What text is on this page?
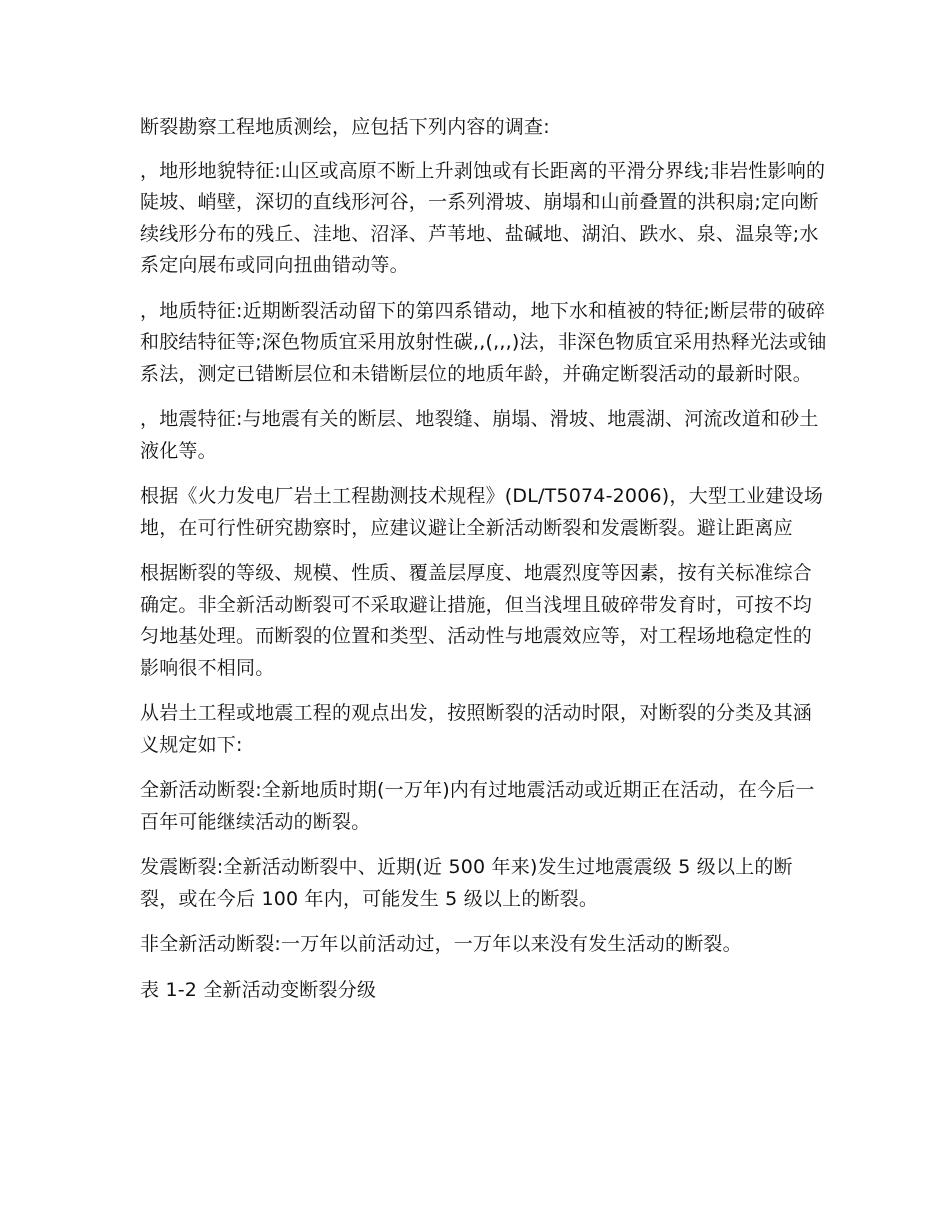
断裂勘察工程地质测绘，应包括下列内容的调查:

，地形地貌特征:山区或高原不断上升剥蚀或有长距离的平滑分界线;非岩性影响的陡坡、峭壁，深切的直线形河谷，一系列滑坡、崩塌和山前叠置的洪积扇;定向断续线形分布的残丘、洼地、沼泽、芦苇地、盐碱地、湖泊、跌水、泉、温泉等;水系定向展布或同向扭曲错动等。

，地质特征:近期断裂活动留下的第四系错动，地下水和植被的特征;断层带的破碎和胶结特征等;深色物质宜采用放射性碳,,(,,,)法，非深色物质宜采用热释光法或铀系法，测定已错断层位和未错断层位的地质年龄，并确定断裂活动的最新时限。

，地震特征:与地震有关的断层、地裂缝、崩塌、滑坡、地震湖、河流改道和砂土液化等。

根据《火力发电厂岩土工程勘测技术规程》(DL/T5074-2006)，大型工业建设场地，在可行性研究勘察时，应建议避让全新活动断裂和发震断裂。避让距离应

根据断裂的等级、规模、性质、覆盖层厚度、地震烈度等因素，按有关标准综合确定。非全新活动断裂可不采取避让措施，但当浅埋且破碎带发育时，可按不均匀地基处理。而断裂的位置和类型、活动性与地震效应等，对工程场地稳定性的影响很不相同。

从岩土工程或地震工程的观点出发，按照断裂的活动时限，对断裂的分类及其涵义规定如下:

全新活动断裂:全新地质时期(一万年)内有过地震活动或近期正在活动，在今后一百年可能继续活动的断裂。

发震断裂:全新活动断裂中、近期(近 500 年来)发生过地震震级 5 级以上的断裂，或在今后 100 年内，可能发生 5 级以上的断裂。

非全新活动断裂:一万年以前活动过，一万年以来没有发生活动的断裂。

表 1-2 全新活动变断裂分级
